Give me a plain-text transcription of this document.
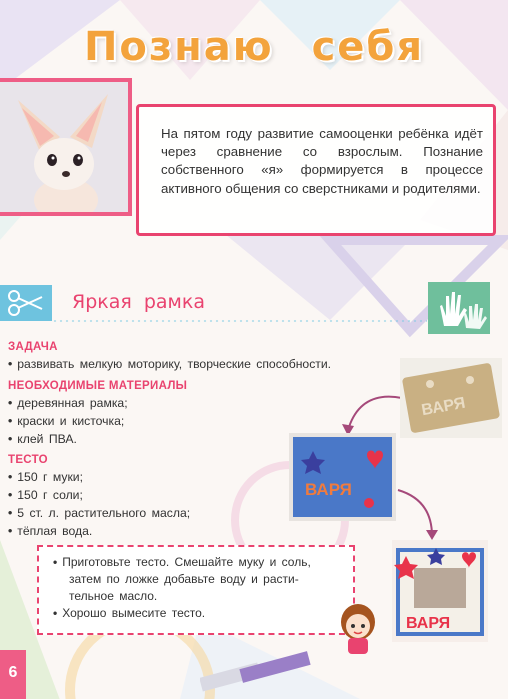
Познаю себя
На пятом году развитие самооценки ребёнка идёт через сравнение со взрослым. Познание собственного «я» формируется в процессе активного общения со сверстниками и родителями.
Яркая рамка
ЗАДАЧА
• развивать мелкую моторику, творческие способности.
НЕОБХОДИМЫЕ МАТЕРИАЛЫ
• деревянная рамка;
• краски и кисточка;
• клей ПВА.
ТЕСТО
• 150 г муки;
• 150 г соли;
• 5 ст. л. растительного масла;
• тёплая вода.
ВАРЯ
ВАРЯ
ВАРЯ
• Приготовьте тесто. Смешайте муку и соль,
затем по ложке добавьте воду и расти-
тельное масло.
• Хорошо вымесите тесто.
6
